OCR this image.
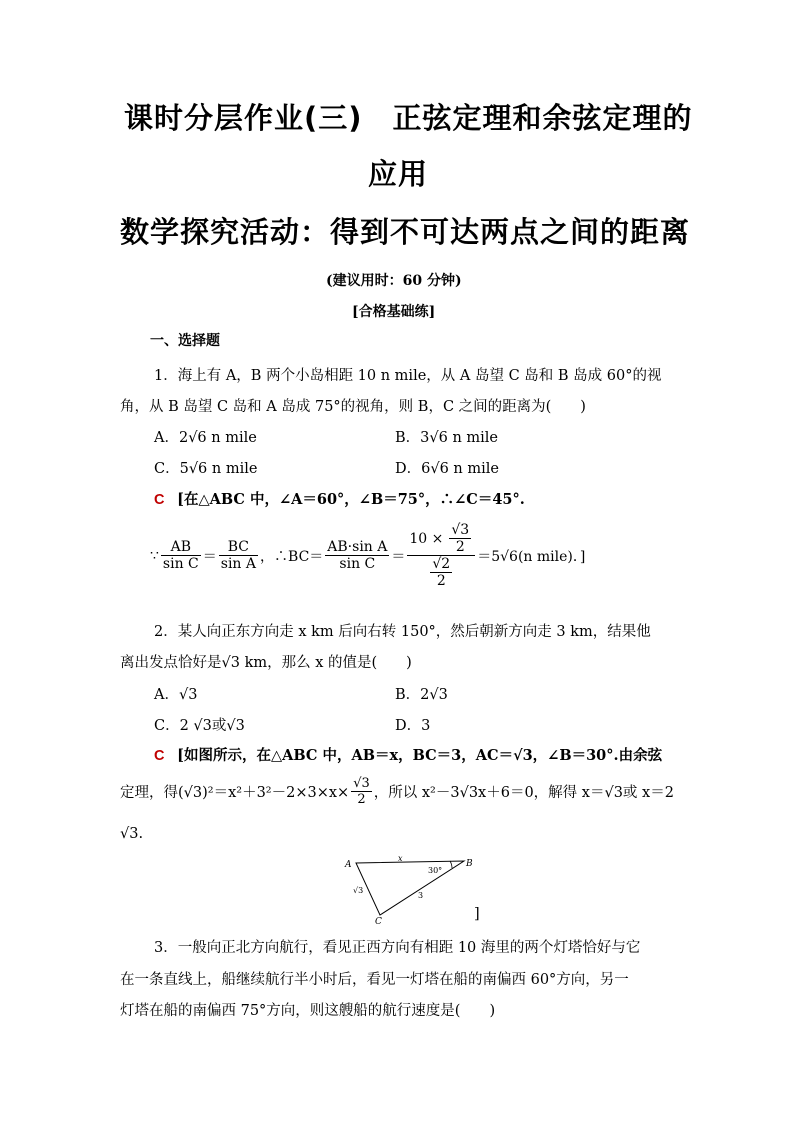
课时分层作业(三)　正弦定理和余弦定理的
应用
数学探究活动：得到不可达两点之间的距离
(建议用时：60 分钟)
[合格基础练]
一、选择题
1．海上有 A，B 两个小岛相距 10 n mile，从 A 岛望 C 岛和 B 岛成 60°的视
角，从 B 岛望 C 岛和 A 岛成 75°的视角，则 B，C 之间的距离为(　　)
A．2√6 n mile	B．3√6 n mile
C．5√6 n mile	D．6√6 n mile
C [在△ABC 中，∠A＝60°，∠B＝75°，∴∠C＝45°.
∵ $\frac{AB}{\text{sin C}} = \frac{BC}{\text{sin A}}$ ，∴BC＝ $\frac{\text{AB·sin A}}{\text{sin C}} = \frac{10 \times \frac{√3}{2}}{\frac{√2}{2}} =5√6(n$ mile)．]
2．某人向正东方向走 x km 后向右转 150°，然后朝新方向走 3 km，结果他
离出发点恰好是√3 km，那么 x 的值是(　　)
A．√3	B．2√3
C．2 √3或√3	D．3
C [如图所示，在△ABC 中，AB＝x，BC＝3，AC＝√3，∠B＝30°.由余弦
定理，得$(√3)^2=x^2+3^2-2\times 3\times x\times \frac{√3}{2}$ ，所以 x²－3√3x＋6＝0，解得 x＝√3或 x＝2
√3.
A	B
C
x
30°
3
√3
]
3．一般向正北方向航行，看见正西方向有相距 10 海里的两个灯塔恰好与它
在一条直线上，船继续航行半小时后，看见一灯塔在船的南偏西 60°方向，另一
灯塔在船的南偏西 75°方向，则这艘船的航行速度是(　　)
